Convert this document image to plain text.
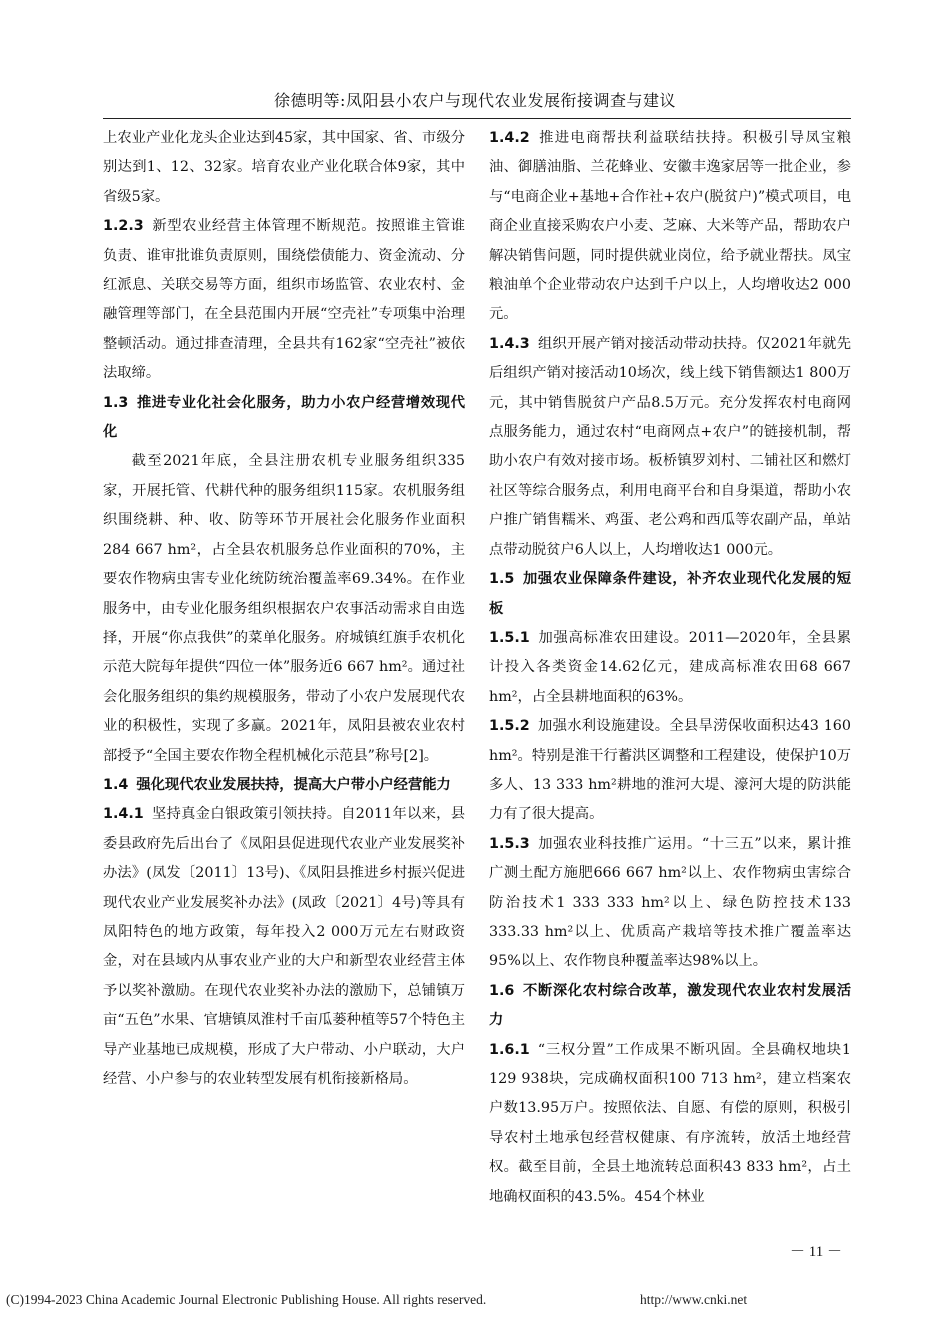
徐德明等:凤阳县小农户与现代农业发展衔接调查与建议

上农业产业化龙头企业达到45家，其中国家、省、市级分别达到1、12、32家。培育农业产业化联合体9家，其中省级5家。

1.2.3 新型农业经营主体管理不断规范。按照谁主管谁负责、谁审批谁负责原则，围绕偿债能力、资金流动、分红派息、关联交易等方面，组织市场监管、农业农村、金融管理等部门，在全县范围内开展“空壳社”专项集中治理整顿活动。通过排查清理，全县共有162家“空壳社”被依法取缔。

1.3 推进专业化社会化服务，助力小农户经营增效现代化

截至2021年底，全县注册农机专业服务组织335家，开展托管、代耕代种的服务组织115家。农机服务组织围绕耕、种、收、防等环节开展社会化服务作业面积284 667 hm²，占全县农机服务总作业面积的70%，主要农作物病虫害专业化统防统治覆盖率69.34%。在作业服务中，由专业化服务组织根据农户农事活动需求自由选择，开展“你点我供”的菜单化服务。府城镇红旗手农机化示范大院每年提供“四位一体”服务近6 667 hm²。通过社会化服务组织的集约规模服务，带动了小农户发展现代农业的积极性，实现了多赢。2021年，凤阳县被农业农村部授予“全国主要农作物全程机械化示范县”称号[2]。

1.4 强化现代农业发展扶持，提高大户带小户经营能力

1.4.1 坚持真金白银政策引领扶持。自2011年以来，县委县政府先后出台了《凤阳县促进现代农业产业发展奖补办法》(凤发〔2011〕13号)、《凤阳县推进乡村振兴促进现代农业产业发展奖补办法》(凤政〔2021〕4号)等具有凤阳特色的地方政策，每年投入2 000万元左右财政资金，对在县域内从事农业产业的大户和新型农业经营主体予以奖补激励。在现代农业奖补办法的激励下，总铺镇万亩“五色”水果、官塘镇凤淮村千亩瓜蒌种植等57个特色主导产业基地已成规模，形成了大户带动、小户联动，大户经营、小户参与的农业转型发展有机衔接新格局。

1.4.2 推进电商帮扶利益联结扶持。积极引导凤宝粮油、御膳油脂、兰花蜂业、安徽丰逸家居等一批企业，参与“电商企业+基地+合作社+农户(脱贫户)”模式项目，电商企业直接采购农户小麦、芝麻、大米等产品，帮助农户解决销售问题，同时提供就业岗位，给予就业帮扶。凤宝粮油单个企业带动农户达到千户以上，人均增收达2 000元。

1.4.3 组织开展产销对接活动带动扶持。仅2021年就先后组织产销对接活动10场次，线上线下销售额达1 800万元，其中销售脱贫户产品8.5万元。充分发挥农村电商网点服务能力，通过农村“电商网点+农户”的链接机制，帮助小农户有效对接市场。板桥镇罗刘村、二铺社区和燃灯社区等综合服务点，利用电商平台和自身渠道，帮助小农户推广销售糯米、鸡蛋、老公鸡和西瓜等农副产品，单站点带动脱贫户6人以上，人均增收达1 000元。

1.5 加强农业保障条件建设，补齐农业现代化发展的短板

1.5.1 加强高标准农田建设。2011—2020年，全县累计投入各类资金14.62亿元，建成高标准农田68 667 hm²，占全县耕地面积的63%。

1.5.2 加强水利设施建设。全县旱涝保收面积达43 160 hm²。特别是淮干行蓄洪区调整和工程建设，使保护10万多人、13 333 hm²耕地的淮河大堤、濠河大堤的防洪能力有了很大提高。

1.5.3 加强农业科技推广运用。“十三五”以来，累计推广测土配方施肥666 667 hm²以上、农作物病虫害综合防治技术1 333 333 hm²以上、绿色防控技术133 333.33 hm²以上、优质高产栽培等技术推广覆盖率达95%以上、农作物良种覆盖率达98%以上。

1.6 不断深化农村综合改革，激发现代农业农村发展活力

1.6.1 “三权分置”工作成果不断巩固。全县确权地块1 129 938块，完成确权面积100 713 hm²，建立档案农户数13.95万户。按照依法、自愿、有偿的原则，积极引导农村土地承包经营权健康、有序流转，放活土地经营权。截至目前，全县土地流转总面积43 833 hm²，占土地确权面积的43.5%。454个林业

－ 11 －
(C)1994-2023 China Academic Journal Electronic Publishing House. All rights reserved.	http://www.cnki.net
